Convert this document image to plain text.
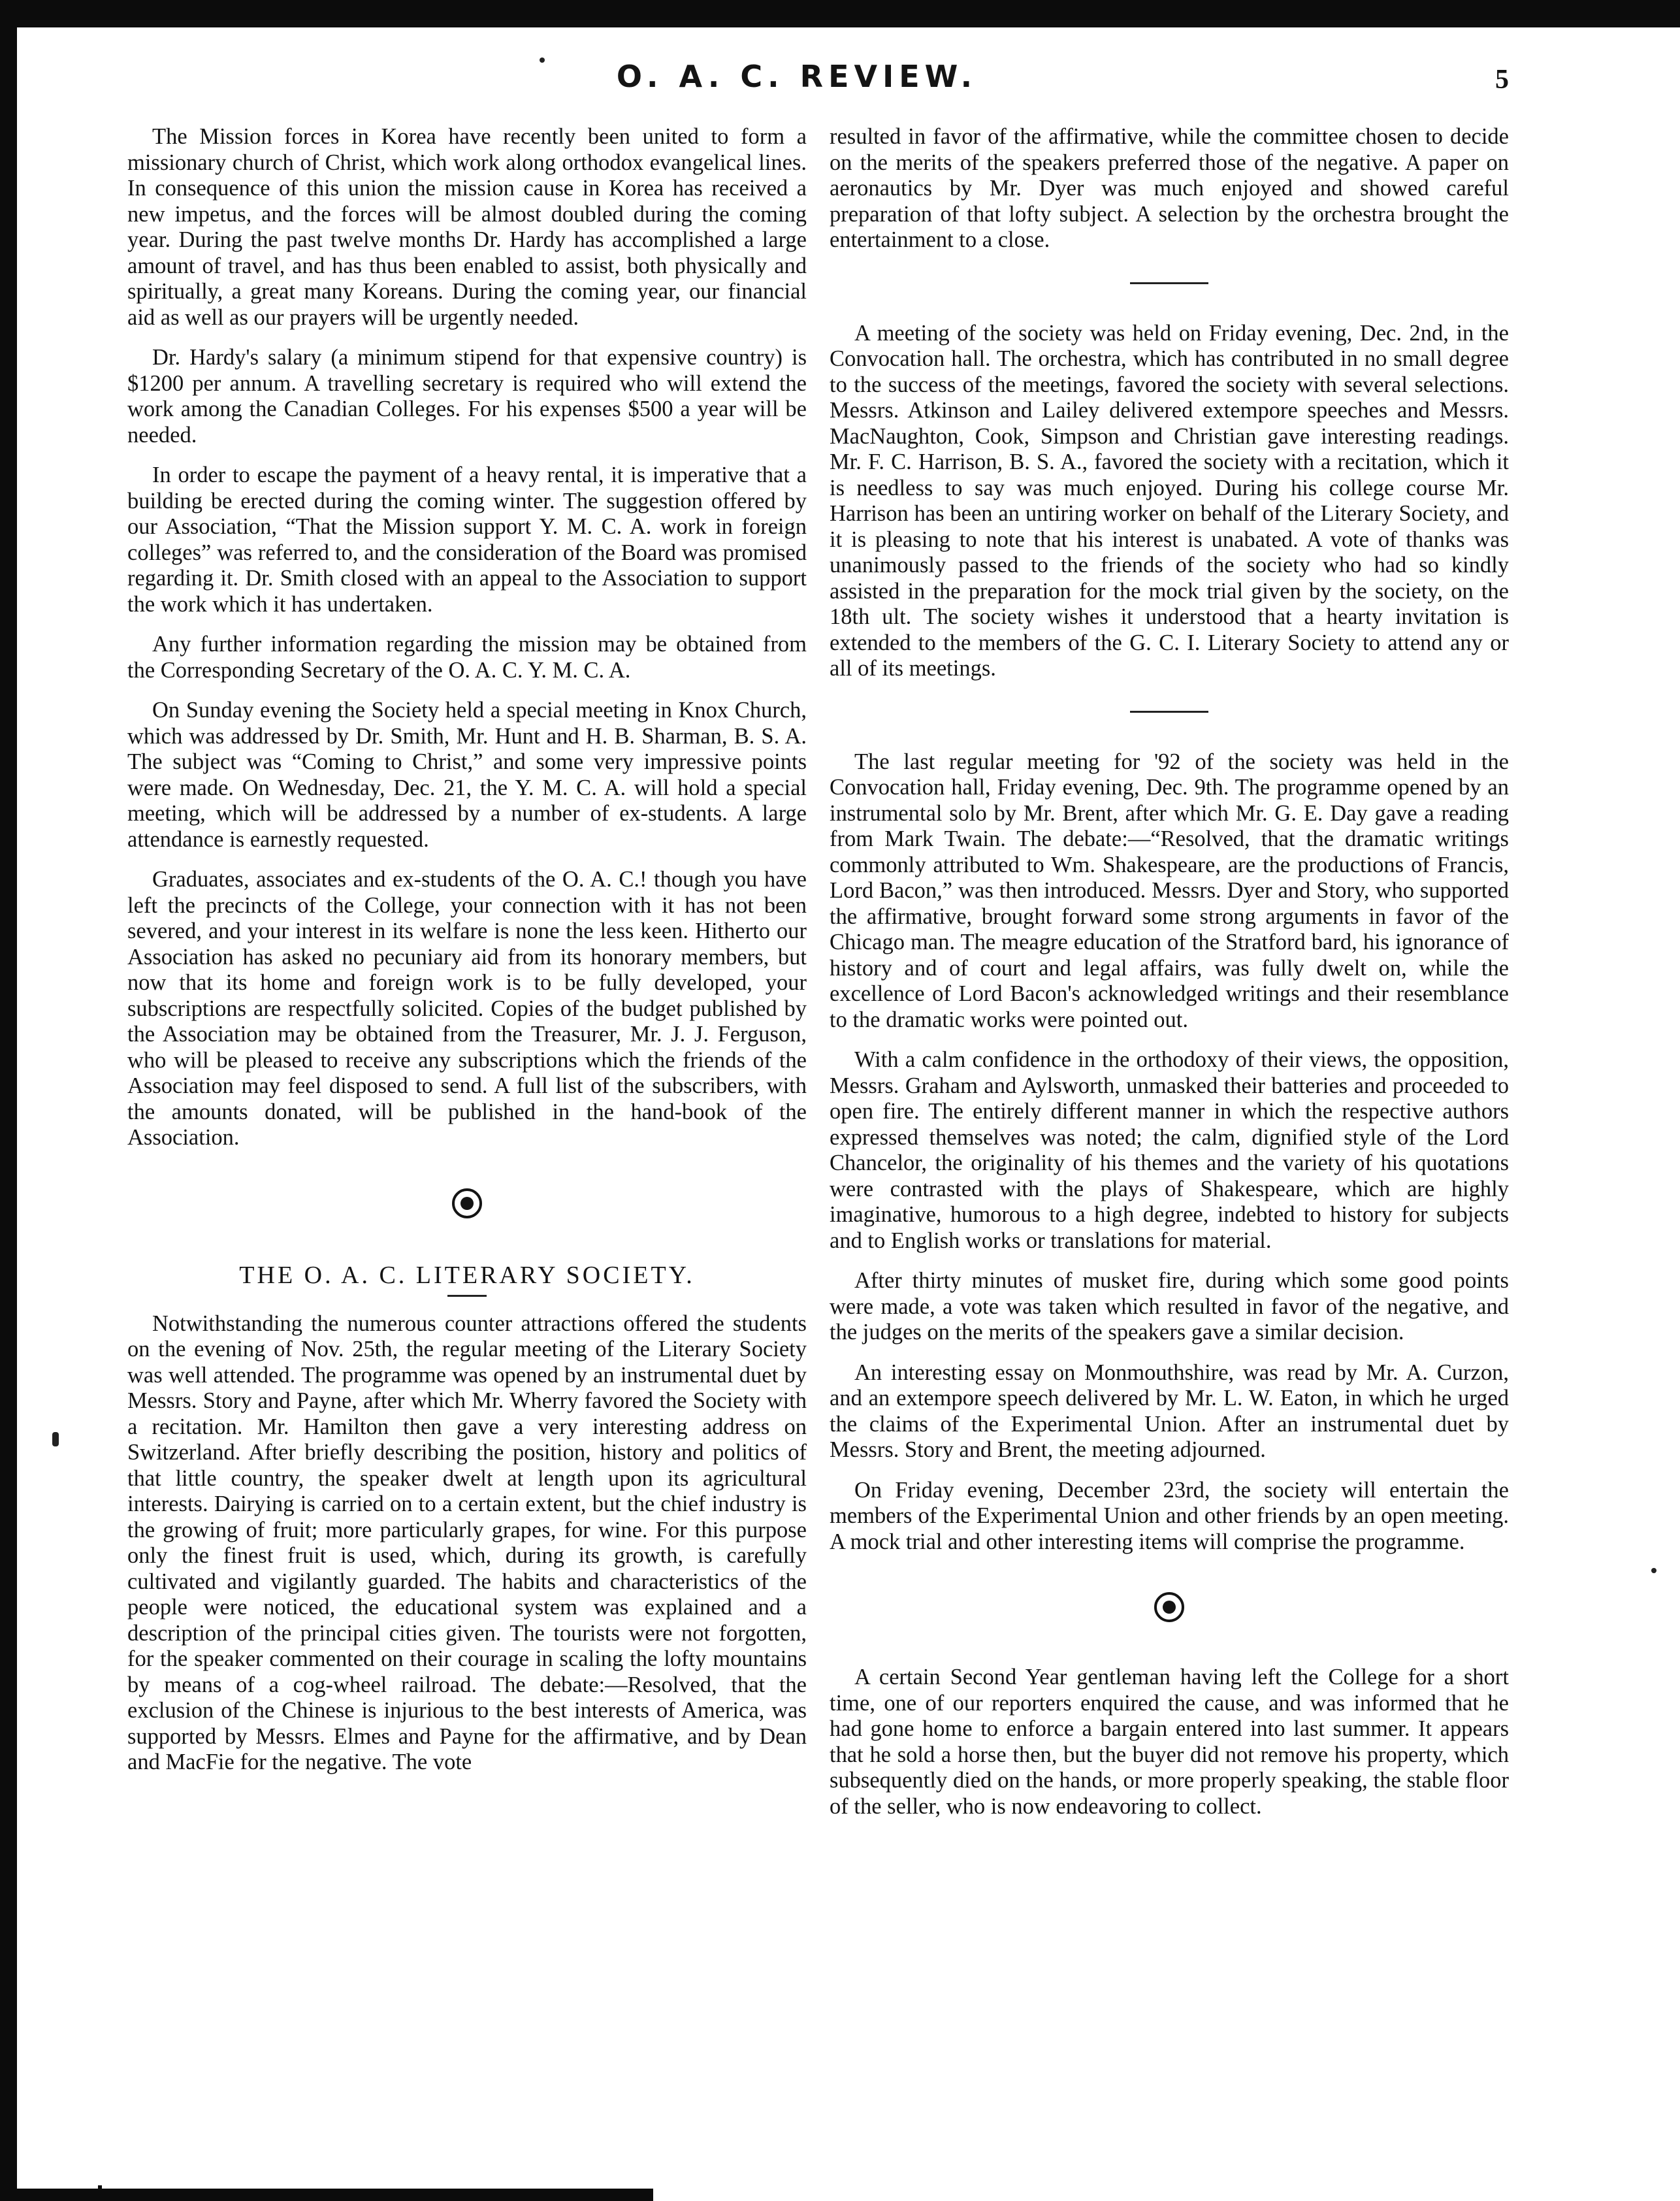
O. A. C. REVIEW.	5

The Mission forces in Korea have recently been united to form a missionary church of Christ, which work along orthodox evangelical lines. In consequence of this union the mission cause in Korea has received a new impetus, and the forces will be almost doubled during the coming year. During the past twelve months Dr. Hardy has accomplished a large amount of travel, and has thus been enabled to assist, both physically and spiritually, a great many Koreans. During the coming year, our financial aid as well as our prayers will be urgently needed.

Dr. Hardy's salary (a minimum stipend for that expensive country) is $1200 per annum. A travelling secretary is required who will extend the work among the Canadian Colleges. For his expenses $500 a year will be needed.

In order to escape the payment of a heavy rental, it is imperative that a building be erected during the coming winter. The suggestion offered by our Association, “That the Mission support Y. M. C. A. work in foreign colleges” was referred to, and the consideration of the Board was promised regarding it. Dr. Smith closed with an appeal to the Association to support the work which it has undertaken.

Any further information regarding the mission may be obtained from the Corresponding Secretary of the O. A. C. Y. M. C. A.

On Sunday evening the Society held a special meeting in Knox Church, which was addressed by Dr. Smith, Mr. Hunt and H. B. Sharman, B. S. A. The subject was “Coming to Christ,” and some very impressive points were made. On Wednesday, Dec. 21, the Y. M. C. A. will hold a special meeting, which will be addressed by a number of ex-students. A large attendance is earnestly requested.

Graduates, associates and ex-students of the O. A. C.! though you have left the precincts of the College, your connection with it has not been severed, and your interest in its welfare is none the less keen. Hitherto our Association has asked no pecuniary aid from its honorary members, but now that its home and foreign work is to be fully developed, your subscriptions are respectfully solicited. Copies of the budget published by the Association may be obtained from the Treasurer, Mr. J. J. Ferguson, who will be pleased to receive any subscriptions which the friends of the Association may feel disposed to send. A full list of the subscribers, with the amounts donated, will be published in the hand-book of the Association.

THE O. A. C. LITERARY SOCIETY.

Notwithstanding the numerous counter attractions offered the students on the evening of Nov. 25th, the regular meeting of the Literary Society was well attended. The programme was opened by an instrumental duet by Messrs. Story and Payne, after which Mr. Wherry favored the Society with a recitation. Mr. Hamilton then gave a very interesting address on Switzerland. After briefly describing the position, history and politics of that little country, the speaker dwelt at length upon its agricultural interests. Dairying is carried on to a certain extent, but the chief industry is the growing of fruit; more particularly grapes, for wine. For this purpose only the finest fruit is used, which, during its growth, is carefully cultivated and vigilantly guarded. The habits and characteristics of the people were noticed, the educational system was explained and a description of the principal cities given. The tourists were not forgotten, for the speaker commented on their courage in scaling the lofty mountains by means of a cog-wheel railroad. The debate:—Resolved, that the exclusion of the Chinese is injurious to the best interests of America, was supported by Messrs. Elmes and Payne for the affirmative, and by Dean and MacFie for the negative. The vote

resulted in favor of the affirmative, while the committee chosen to decide on the merits of the speakers preferred those of the negative. A paper on aeronautics by Mr. Dyer was much enjoyed and showed careful preparation of that lofty subject. A selection by the orchestra brought the entertainment to a close.

A meeting of the society was held on Friday evening, Dec. 2nd, in the Convocation hall. The orchestra, which has contributed in no small degree to the success of the meetings, favored the society with several selections. Messrs. Atkinson and Lailey delivered extempore speeches and Messrs. MacNaughton, Cook, Simpson and Christian gave interesting readings. Mr. F. C. Harrison, B. S. A., favored the society with a recitation, which it is needless to say was much enjoyed. During his college course Mr. Harrison has been an untiring worker on behalf of the Literary Society, and it is pleasing to note that his interest is unabated. A vote of thanks was unanimously passed to the friends of the society who had so kindly assisted in the preparation for the mock trial given by the society, on the 18th ult. The society wishes it understood that a hearty invitation is extended to the members of the G. C. I. Literary Society to attend any or all of its meetings.

The last regular meeting for '92 of the society was held in the Convocation hall, Friday evening, Dec. 9th. The programme opened by an instrumental solo by Mr. Brent, after which Mr. G. E. Day gave a reading from Mark Twain. The debate:—“Resolved, that the dramatic writings commonly attributed to Wm. Shakespeare, are the productions of Francis, Lord Bacon,” was then introduced. Messrs. Dyer and Story, who supported the affirmative, brought forward some strong arguments in favor of the Chicago man. The meagre education of the Stratford bard, his ignorance of history and of court and legal affairs, was fully dwelt on, while the excellence of Lord Bacon's acknowledged writings and their resemblance to the dramatic works were pointed out.

With a calm confidence in the orthodoxy of their views, the opposition, Messrs. Graham and Aylsworth, unmasked their batteries and proceeded to open fire. The entirely different manner in which the respective authors expressed themselves was noted; the calm, dignified style of the Lord Chancelor, the originality of his themes and the variety of his quotations were contrasted with the plays of Shakespeare, which are highly imaginative, humorous to a high degree, indebted to history for subjects and to English works or translations for material.

After thirty minutes of musket fire, during which some good points were made, a vote was taken which resulted in favor of the negative, and the judges on the merits of the speakers gave a similar decision.

An interesting essay on Monmouthshire, was read by Mr. A. Curzon, and an extempore speech delivered by Mr. L. W. Eaton, in which he urged the claims of the Experimental Union. After an instrumental duet by Messrs. Story and Brent, the meeting adjourned.

On Friday evening, December 23rd, the society will entertain the members of the Experimental Union and other friends by an open meeting. A mock trial and other interesting items will comprise the programme.

A certain Second Year gentleman having left the College for a short time, one of our reporters enquired the cause, and was informed that he had gone home to enforce a bargain entered into last summer. It appears that he sold a horse then, but the buyer did not remove his property, which subsequently died on the hands, or more properly speaking, the stable floor of the seller, who is now endeavoring to collect.
